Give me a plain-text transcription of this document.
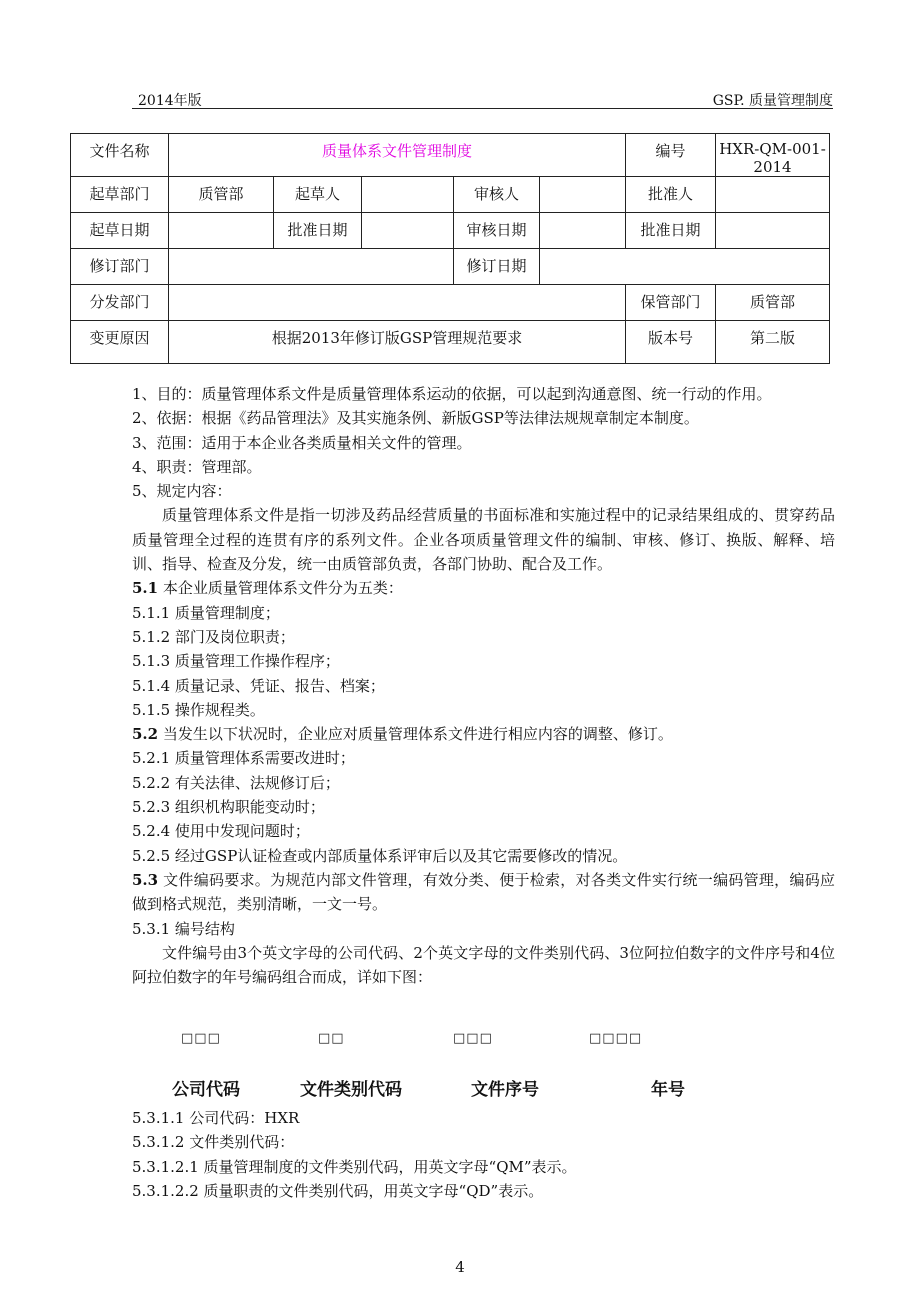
2014年版	GSP. 质量管理制度
文件名称	质量体系文件管理制度					编号	HXR-QM-001-2014

起草部门	质管部	起草人		审核人		批准人	

起草日期		批准日期		审核日期		批准日期	

修订部门				修订日期			

分发部门						保管部门	质管部

变更原因	根据2013年修订版GSP管理规范要求					版本号	第二版

1、目的：质量管理体系文件是质量管理体系运动的依据，可以起到沟通意图、统一行动的作用。

2、依据：根据《药品管理法》及其实施条例、新版GSP等法律法规规章制定本制度。

3、范围：适用于本企业各类质量相关文件的管理。

4、职责：管理部。

5、规定内容：

质量管理体系文件是指一切涉及药品经营质量的书面标准和实施过程中的记录结果组成的、贯穿药品质量管理全过程的连贯有序的系列文件。企业各项质量管理文件的编制、审核、修订、换版、解释、培训、指导、检查及分发，统一由质管部负责，各部门协助、配合及工作。

5.1 本企业质量管理体系文件分为五类：

5.1.1 质量管理制度；

5.1.2 部门及岗位职责；

5.1.3 质量管理工作操作程序；

5.1.4 质量记录、凭证、报告、档案；

5.1.5 操作规程类。

5.2 当发生以下状况时，企业应对质量管理体系文件进行相应内容的调整、修订。

5.2.1 质量管理体系需要改进时；

5.2.2 有关法律、法规修订后；

5.2.3 组织机构职能变动时；

5.2.4 使用中发现问题时；

5.2.5 经过GSP认证检查或内部质量体系评审后以及其它需要修改的情况。

5.3 文件编码要求。为规范内部文件管理，有效分类、便于检索，对各类文件实行统一编码管理，编码应做到格式规范，类别清晰，一文一号。

5.3.1 编号结构

文件编号由3个英文字母的公司代码、2个英文字母的文件类别代码、3位阿拉伯数字的文件序号和4位阿拉伯数字的年号编码组合而成，详如下图：

□□□	□□	□□□	□□□□
公司代码	文件类别代码	文件序号	年号

5.3.1.1 公司代码：HXR

5.3.1.2 文件类别代码：

5.3.1.2.1 质量管理制度的文件类别代码，用英文字母“QM”表示。

5.3.1.2.2 质量职责的文件类别代码，用英文字母“QD”表示。

4
